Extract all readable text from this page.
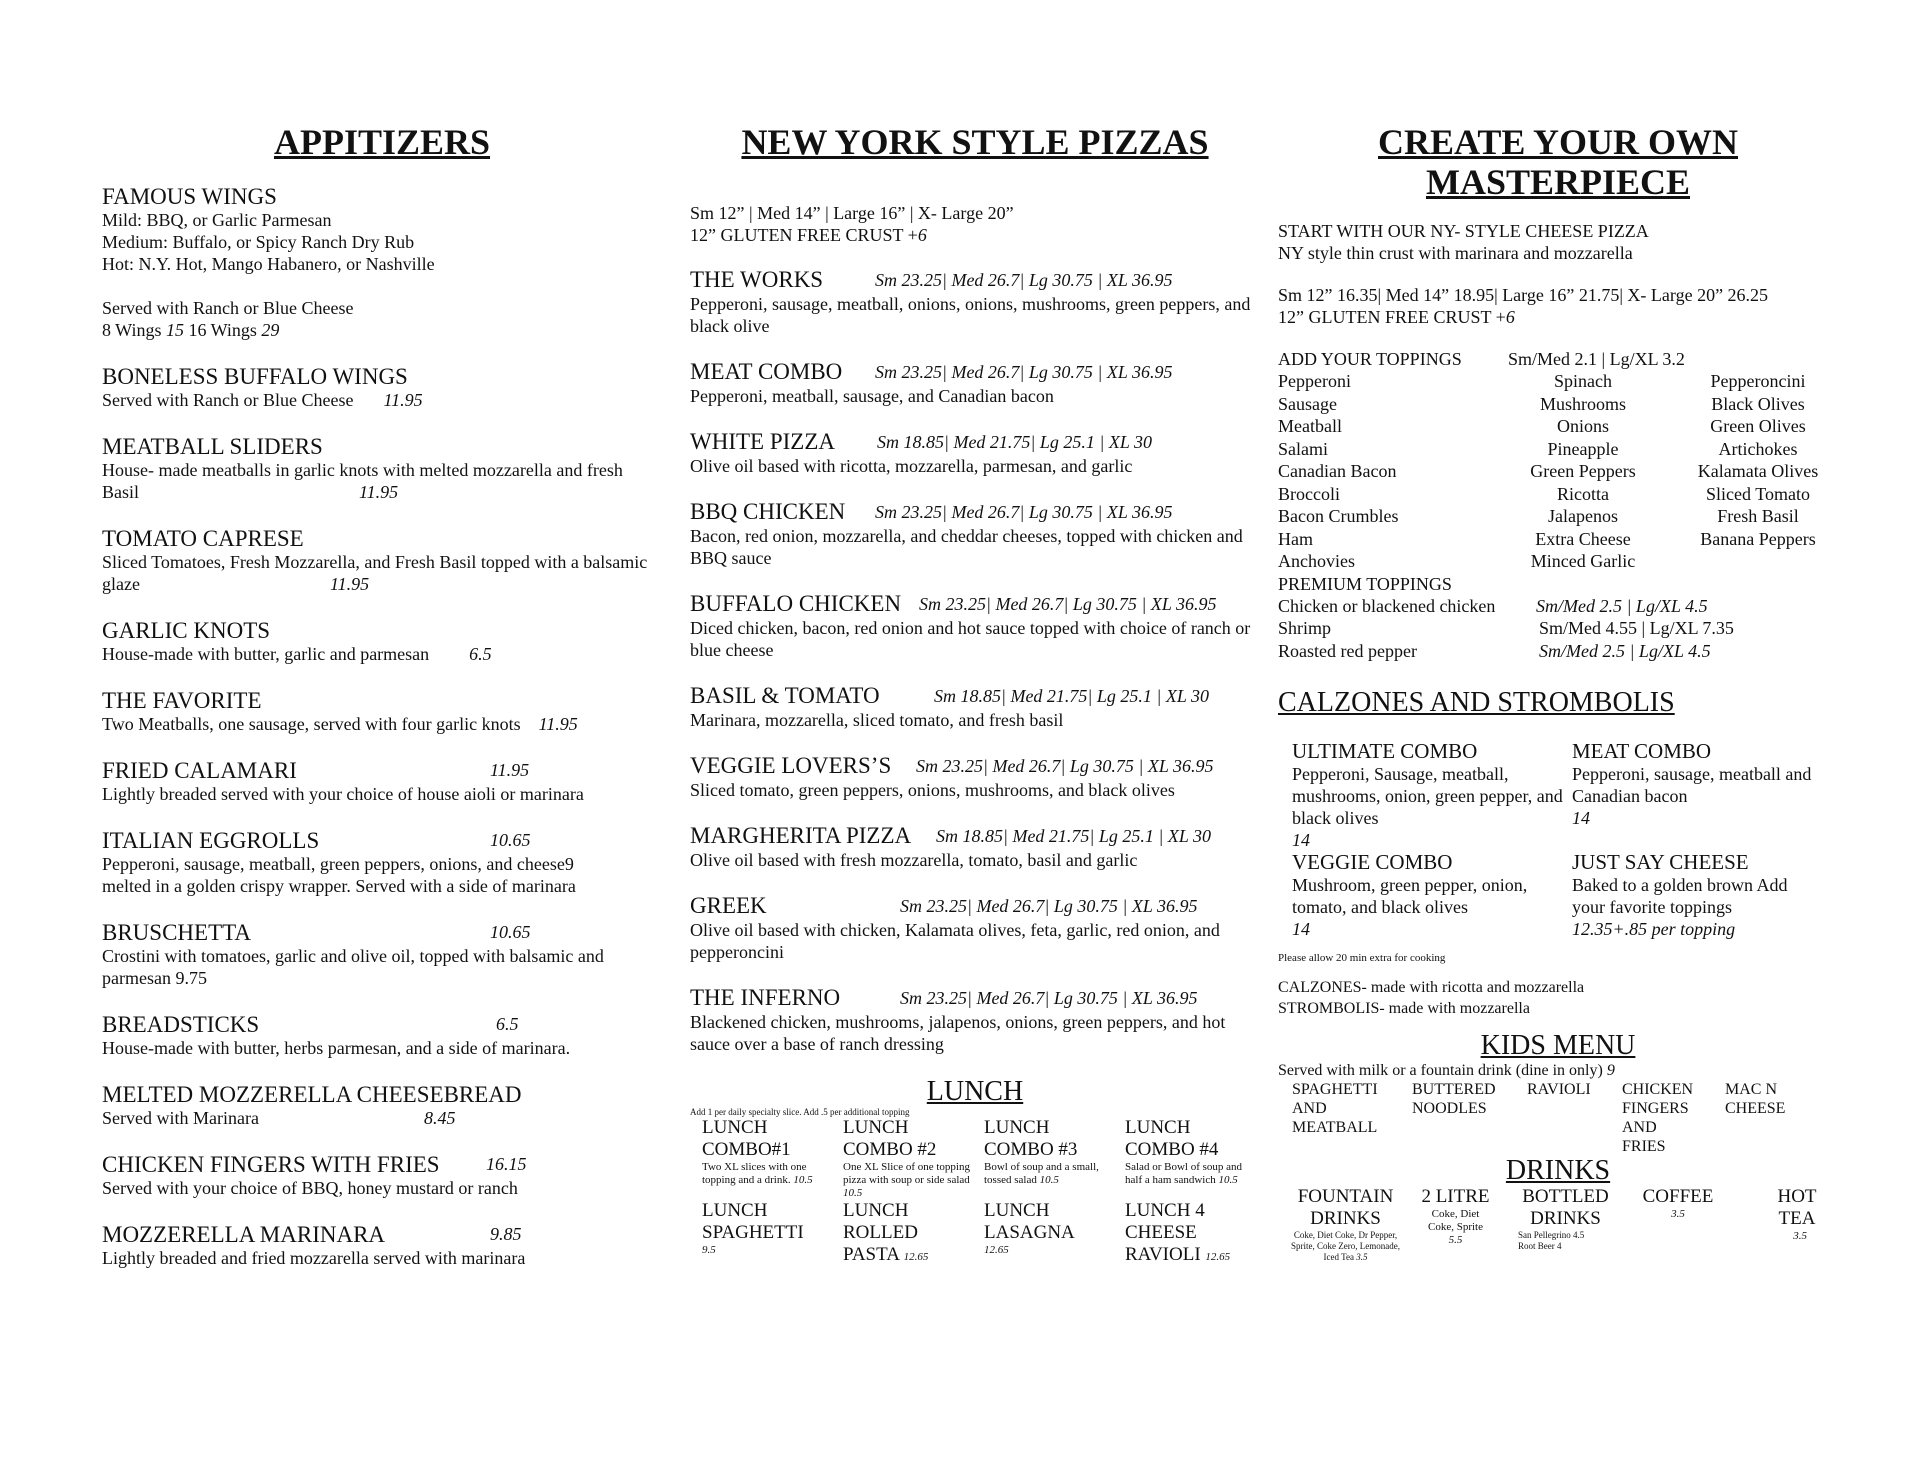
APPITIZERS
FAMOUS WINGS
Mild: BBQ, or Garlic Parmesan
Medium: Buffalo, or Spicy Ranch Dry Rub
Hot: N.Y. Hot, Mango Habanero, or Nashville
Served with Ranch or Blue Cheese
8 Wings 15 16 Wings 29
BONELESS BUFFALO WINGS
Served with Ranch or Blue Cheese 11.95
MEATBALL SLIDERS
House- made meatballs in garlic knots with melted mozzarella and fresh Basil	11.95
TOMATO CAPRESE
Sliced Tomatoes, Fresh Mozzarella, and Fresh Basil topped with a balsamic glaze	11.95
GARLIC KNOTS
House-made with butter, garlic and parmesan 6.5
THE FAVORITE
Two Meatballs, one sausage, served with four garlic knots 11.95
FRIED CALAMARI	11.95
Lightly breaded served with your choice of house aioli or marinara
ITALIAN EGGROLLS	10.65
Pepperoni, sausage, meatball, green peppers, onions, and cheese9 melted in a golden crispy wrapper. Served with a side of marinara
BRUSCHETTA	10.65
Crostini with tomatoes, garlic and olive oil, topped with balsamic and parmesan 9.75
BREADSTICKS	6.5
House-made with butter, herbs parmesan, and a side of marinara.
MELTED MOZZERELLA CHEESEBREAD
Served with Marinara	8.45
CHICKEN FINGERS WITH FRIES	16.15
Served with your choice of BBQ, honey mustard or ranch
MOZZERELLA MARINARA	9.85
Lightly breaded and fried mozzarella served with marinara
NEW YORK STYLE PIZZAS
Sm 12” | Med 14” | Large 16” | X- Large 20”
12” GLUTEN FREE CRUST +6
THE WORKS	Sm 23.25| Med 26.7| Lg 30.75 | XL 36.95
Pepperoni, sausage, meatball, onions, onions, mushrooms, green peppers, and black olive
MEAT COMBO	Sm 23.25| Med 26.7| Lg 30.75 | XL 36.95
Pepperoni, meatball, sausage, and Canadian bacon
WHITE PIZZA	Sm 18.85| Med 21.75| Lg 25.1 | XL 30
Olive oil based with ricotta, mozzarella, parmesan, and garlic
BBQ CHICKEN	Sm 23.25| Med 26.7| Lg 30.75 | XL 36.95
Bacon, red onion, mozzarella, and cheddar cheeses, topped with chicken and BBQ sauce
BUFFALO CHICKEN Sm 23.25| Med 26.7| Lg 30.75 | XL 36.95
Diced chicken, bacon, red onion and hot sauce topped with choice of ranch or blue cheese
BASIL & TOMATO	Sm 18.85| Med 21.75| Lg 25.1 | XL 30
Marinara, mozzarella, sliced tomato, and fresh basil
VEGGIE LOVERS’S	Sm 23.25| Med 26.7| Lg 30.75 | XL 36.95
Sliced tomato, green peppers, onions, mushrooms, and black olives
MARGHERITA PIZZA	Sm 18.85| Med 21.75| Lg 25.1 | XL 30
Olive oil based with fresh mozzarella, tomato, basil and garlic
GREEK	Sm 23.25| Med 26.7| Lg 30.75 | XL 36.95
Olive oil based with chicken, Kalamata olives, feta, garlic, red onion, and pepperoncini
THE INFERNO	Sm 23.25| Med 26.7| Lg 30.75 | XL 36.95
Blackened chicken, mushrooms, jalapenos, onions, green peppers, and hot sauce over a base of ranch dressing
LUNCH
Add 1 per daily specialty slice. Add .5 per additional topping
LUNCH COMBO#1
Two XL slices with one topping and a drink. 10.5
LUNCH COMBO #2
One XL Slice of one topping pizza with soup or side salad 10.5
LUNCH COMBO #3
Bowl of soup and a small, tossed salad 10.5
LUNCH COMBO #4
Salad or Bowl of soup and half a ham sandwich 10.5
LUNCH SPAGHETTI
9.5
LUNCH ROLLED PASTA 12.65
LUNCH LASAGNA
12.65
LUNCH 4 CHEESE RAVIOLI 12.65
CREATE YOUR OWN
MASTERPIECE
START WITH OUR NY- STYLE CHEESE PIZZA
NY style thin crust with marinara and mozzarella
Sm 12” 16.35| Med 14” 18.95| Large 16” 21.75| X- Large 20” 26.25
12” GLUTEN FREE CRUST +6
ADD YOUR TOPPINGS	Sm/Med 2.1 | Lg/XL 3.2
Pepperoni	Spinach	Pepperoncini
Sausage	Mushrooms	Black Olives
Meatball	Onions	Green Olives
Salami	Pineapple	Artichokes
Canadian Bacon	Green Peppers	Kalamata Olives
Broccoli	Ricotta	Sliced Tomato
Bacon Crumbles	Jalapenos	Fresh Basil
Ham	Extra Cheese	Banana Peppers
Anchovies	Minced Garlic
PREMIUM TOPPINGS
Chicken or blackened chicken	Sm/Med 2.5 | Lg/XL 4.5
Shrimp	Sm/Med 4.55 | Lg/XL 7.35
Roasted red pepper	Sm/Med 2.5 | Lg/XL 4.5
CALZONES AND STROMBOLIS
ULTIMATE COMBO
Pepperoni, Sausage, meatball, mushrooms, onion, green pepper, and black olives
14
MEAT COMBO
Pepperoni, sausage, meatball and Canadian bacon
14
VEGGIE COMBO
Mushroom, green pepper, onion, tomato, and black olives
14
JUST SAY CHEESE
Baked to a golden brown Add your favorite toppings
12.35+.85 per topping
Please allow 20 min extra for cooking
CALZONES- made with ricotta and mozzarella
STROMBOLIS- made with mozzarella
KIDS MENU
Served with milk or a fountain drink (dine in only) 9
SPAGHETTI AND MEATBALL
BUTTERED NOODLES
RAVIOLI	CHICKEN FINGERS AND FRIES
MAC N CHEESE
DRINKS
FOUNTAIN DRINKS
Coke, Diet Coke, Dr Pepper, Sprite, Coke Zero, Lemonade, Iced Tea 3.5
2 LITRE
Coke, Diet Coke, Sprite
5.5
BOTTLED DRINKS
San Pellegrino 4.5 Root Beer 4
COFFEE
3.5
HOT TEA
3.5
